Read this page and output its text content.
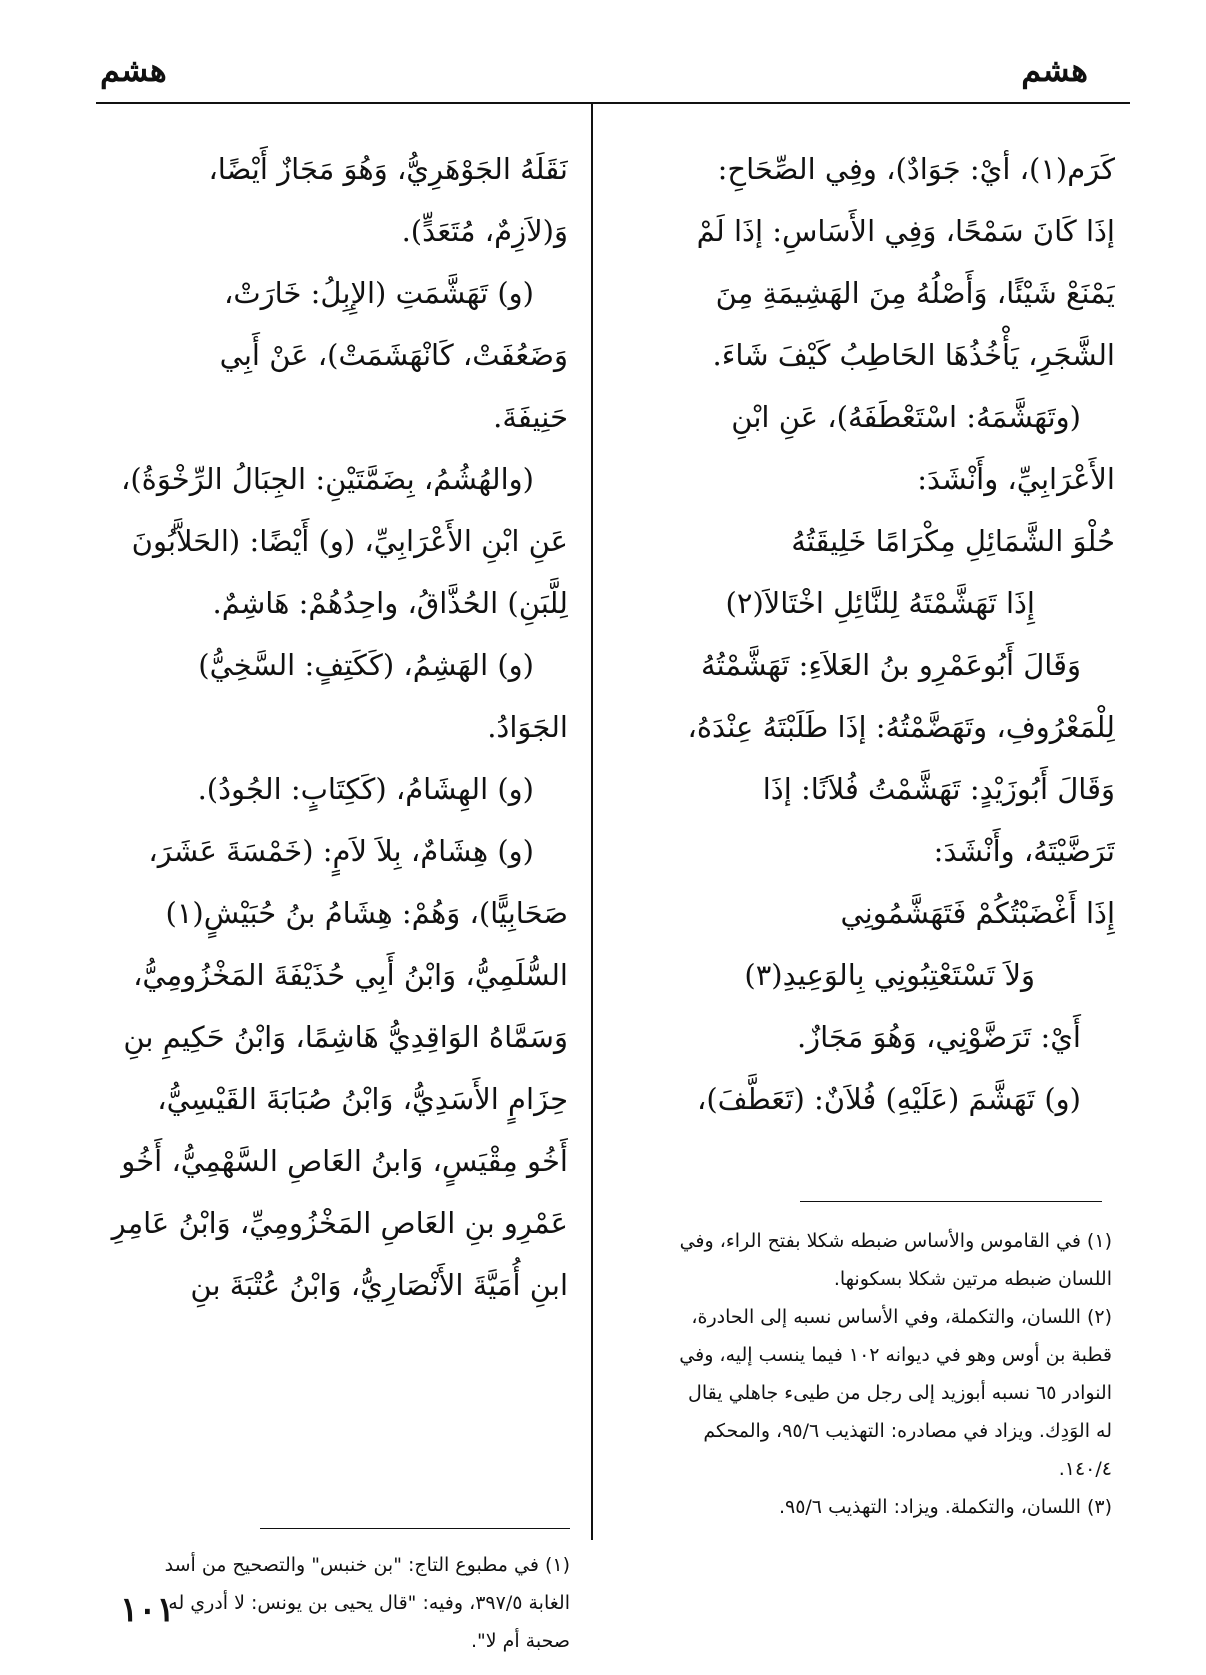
هشم
هشم
كَرَم(١)، أيْ: جَوَادٌ)، وفِي الصِّحَاحِ:
إذَا كَانَ سَمْحًا، وَفِي الأَسَاسِ: إذَا لَمْ
يَمْنَعْ شَيْئًا، وَأَصْلُهُ مِنَ الهَشِيمَةِ مِنَ
الشَّجَرِ، يَأْخُذُهَا الحَاطِبُ كَيْفَ شَاءَ.
(وتَهَشَّمَهُ: اسْتَعْطَفَهُ)، عَنِ ابْنِ
الأَعْرَابِيِّ، وأَنْشَدَ:
حُلْوَ الشَّمَائِلِ مِكْرَامًا خَلِيقَتُهُ
إِذَا تَهَشَّمْتَهُ لِلنَّائِلِ اخْتَالاَ(٢)
وَقَالَ أَبُوعَمْرِو بنُ العَلاَءِ: تَهَشَّمْتُهُ
لِلْمَعْرُوفِ، وتَهَضَّمْتُهُ: إذَا طَلَبْتَهُ عِنْدَهُ،
وَقَالَ أَبُوزَيْدٍ: تَهَشَّمْتُ فُلاَنًا: إذَا
تَرَضَّيْتَهُ، وأَنْشَدَ:
إِذَا أَغْضَبْتُكُمْ فَتَهَشَّمُونِي
وَلاَ تَسْتَعْتِبُونِي بِالوَعِيدِ(٣)
أَيْ: تَرَضَّوْنِي، وَهُوَ مَجَازٌ.
(و) تَهَشَّمَ (عَلَيْهِ) فُلاَنٌ: (تَعَطَّفَ)،
نَقَلَهُ الجَوْهَرِيُّ، وَهُوَ مَجَازٌ أَيْضًا،
وَ(لاَزِمٌ، مُتَعَدٍّ).
(و) تَهَشَّمَتِ (الإِبِلُ: خَارَتْ،
وَضَعُفَتْ، كَانْهَشَمَتْ)، عَنْ أَبِي
حَنِيفَةَ.
(والهُشُمُ، بِضَمَّتَيْنِ: الجِبَالُ الرِّخْوَةُ)،
عَنِ ابْنِ الأَعْرَابِيِّ، (و) أَيْضًا: (الحَلاَّبُونَ
لِلَّبَنِ) الحُذَّاقُ، واحِدُهُمْ: هَاشِمٌ.
(و) الهَشِمُ، (كَكَتِفٍ: السَّخِيُّ)
الجَوَادُ.
(و) الهِشَامُ، (كَكِتَابٍ: الجُودُ).
(و) هِشَامٌ، بِلاَ لاَمٍ: (خَمْسَةَ عَشَرَ،
صَحَابِيًّا)، وَهُمْ: هِشَامُ بنُ حُبَيْشٍ(١)
السُّلَمِيُّ، وَابْنُ أَبِي حُذَيْفَةَ المَخْزُومِيُّ،
وَسَمَّاهُ الوَاقِدِيُّ هَاشِمًا، وَابْنُ حَكِيمِ بنِ
حِزَامٍ الأَسَدِيُّ، وَابْنُ صُبَابَةَ القَيْسِيُّ،
أَخُو مِقْيَسٍ، وَابنُ العَاصِ السَّهْمِيُّ، أَخُو
عَمْرِو بنِ العَاصِ المَخْزُومِيِّ، وَابْنُ عَامِرِ
ابنِ أُمَيَّةَ الأَنْصَارِيُّ، وَابْنُ عُتْبَةَ بنِ
(١) في القاموس والأساس ضبطه شكلا بفتح الراء، وفي
اللسان ضبطه مرتين شكلا بسكونها.
(٢) اللسان، والتكملة، وفي الأساس نسبه إلى الحادرة،
قطبة بن أوس وهو في ديوانه ١٠٢ فيما ينسب إليه، وفي
النوادر ٦٥ نسبه أبوزيد إلى رجل من طيىء جاهلي يقال
له الوَدِك. ويزاد في مصادره: التهذيب ٩٥/٦، والمحكم
١٤٠/٤.
(٣) اللسان، والتكملة. ويزاد: التهذيب ٩٥/٦.
(١) في مطبوع التاج: "بن خنبس" والتصحيح من أسد
الغابة ٣٩٧/٥، وفيه: "قال يحيى بن يونس: لا أدري له
صحبة أم لا".
١٠١
